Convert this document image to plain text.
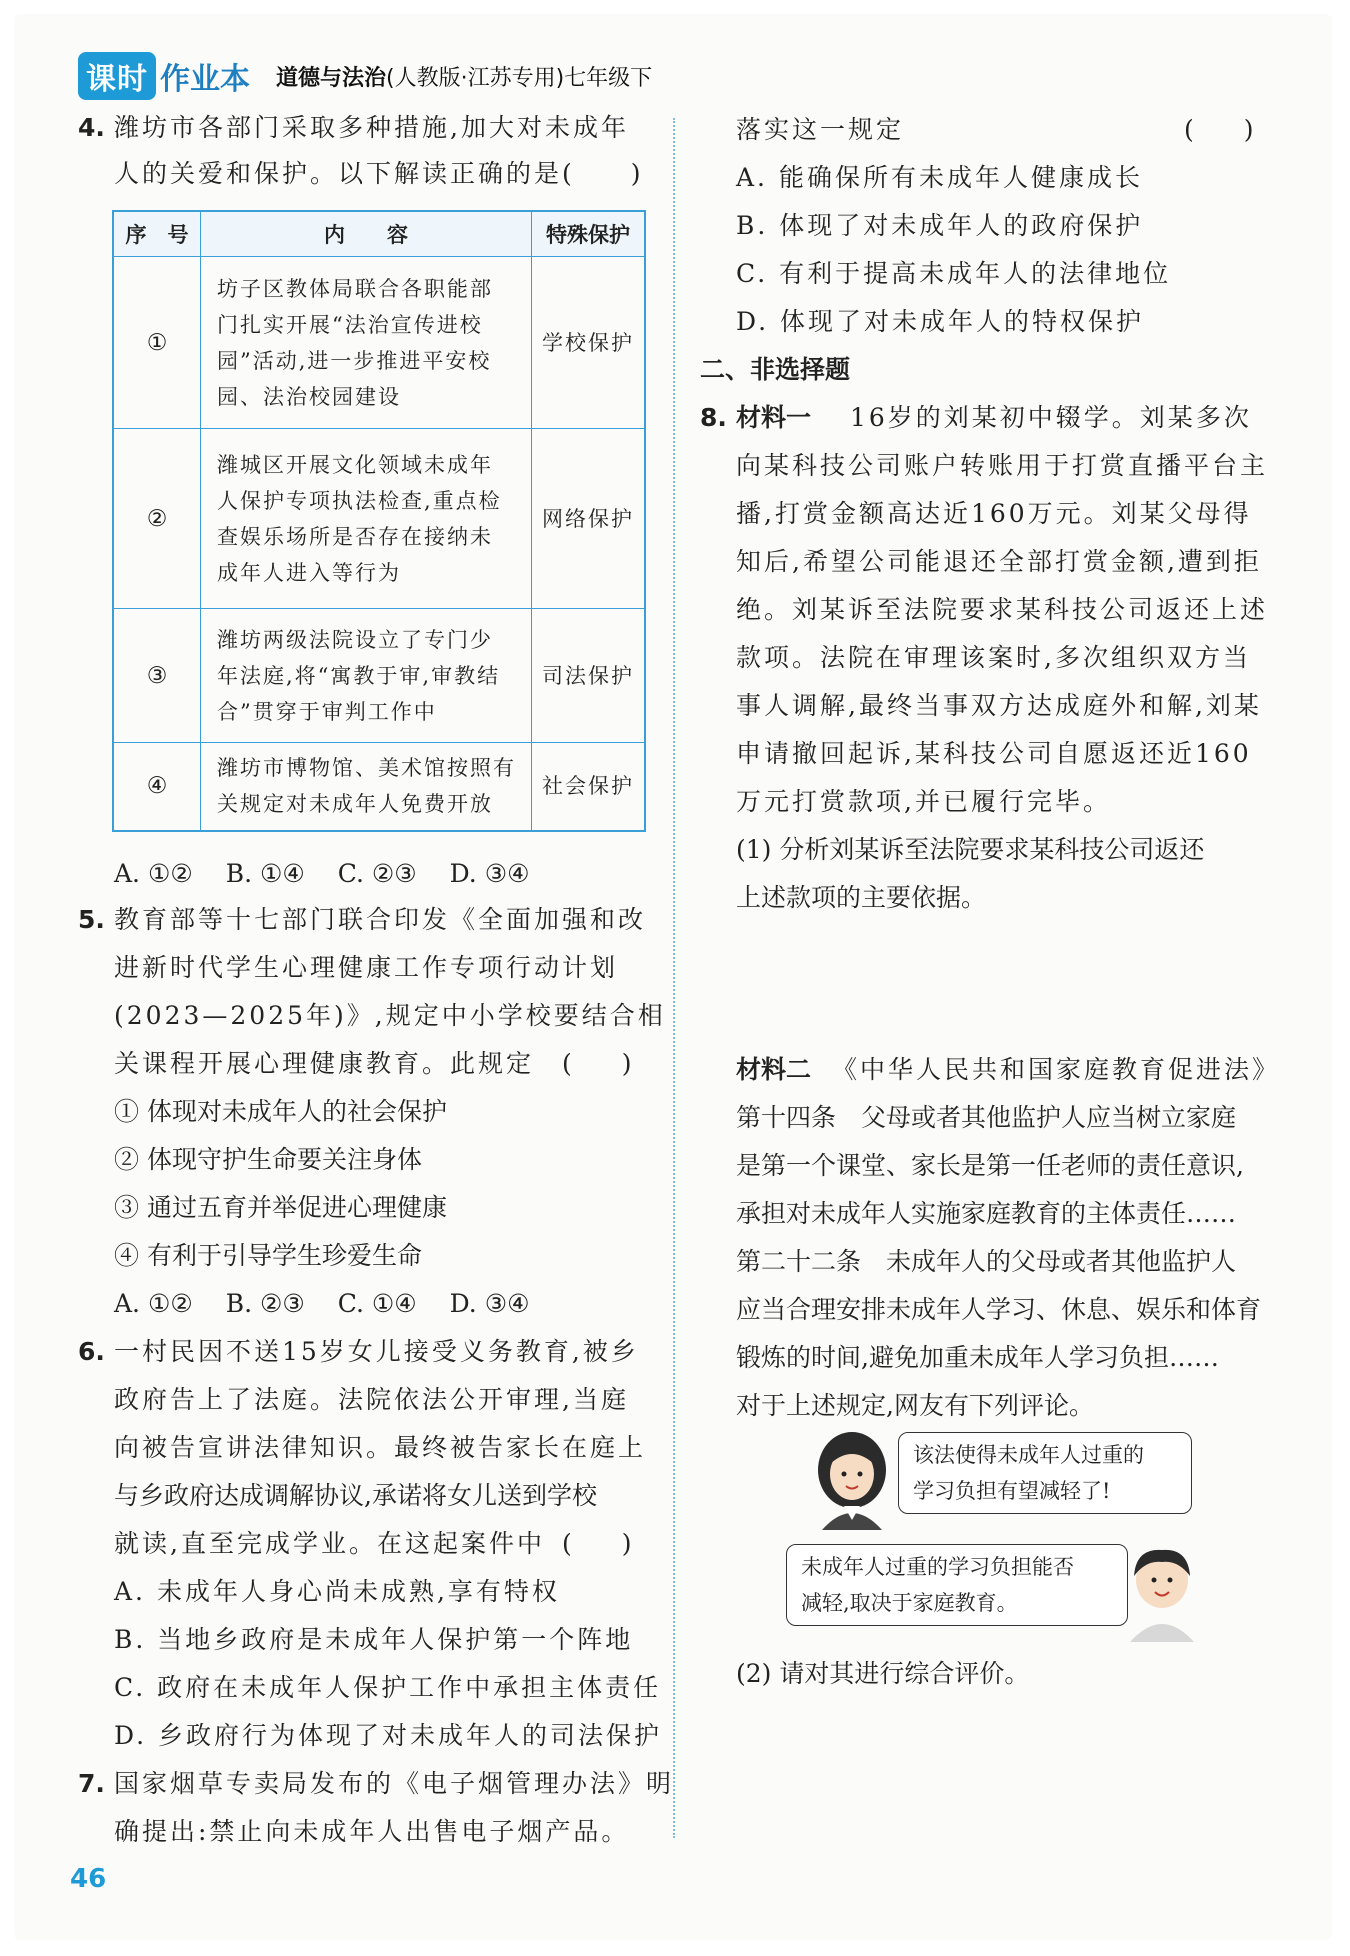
课时 作业本 道德与法治 (人教版·江苏专用)七年级下
4. 潍坊市各部门采取多种措施,加大对未成年
人的关爱和保护。以下解读正确的是(　　)
序　号	内　　容	特殊保护
①	坊子区教体局联合各职能部
门扎实开展“法治宣传进校
园”活动,进一步推进平安校
园、法治校园建设	学校保护
②	潍城区开展文化领域未成年
人保护专项执法检查,重点检
查娱乐场所是否存在接纳未
成年人进入等行为	网络保护
③	潍坊两级法院设立了专门少
年法庭,将“寓教于审,审教结
合”贯穿于审判工作中	司法保护
④	潍坊市博物馆、美术馆按照有
关规定对未成年人免费开放	社会保护
A. ①②　 B. ①④　 C. ②③　 D. ③④
5. 教育部等十七部门联合印发《全面加强和改
进新时代学生心理健康工作专项行动计划
(2023—2025年)》,规定中小学校要结合相
关课程开展心理健康教育。此规定 (　　)
① 体现对未成年人的社会保护
② 体现守护生命要关注身体
③ 通过五育并举促进心理健康
④ 有利于引导学生珍爱生命
A. ①②　 B. ②③　 C. ①④　 D. ③④
6. 一村民因不送15岁女儿接受义务教育,被乡
政府告上了法庭。法院依法公开审理,当庭
向被告宣讲法律知识。最终被告家长在庭上
与乡政府达成调解协议,承诺将女儿送到学校
就读,直至完成学业。在这起案件中 (　　)
A. 未成年人身心尚未成熟,享有特权
B. 当地乡政府是未成年人保护第一个阵地
C. 政府在未成年人保护工作中承担主体责任
D. 乡政府行为体现了对未成年人的司法保护
7. 国家烟草专卖局发布的《电子烟管理办法》明
确提出:禁止向未成年人出售电子烟产品。
落实这一规定	(　　)
A. 能确保所有未成年人健康成长
B. 体现了对未成年人的政府保护
C. 有利于提高未成年人的法律地位
D. 体现了对未成年人的特权保护
二、非选择题
8. 材料一 16岁的刘某初中辍学。刘某多次
向某科技公司账户转账用于打赏直播平台主
播,打赏金额高达近160万元。刘某父母得
知后,希望公司能退还全部打赏金额,遭到拒
绝。刘某诉至法院要求某科技公司返还上述
款项。法院在审理该案时,多次组织双方当
事人调解,最终当事双方达成庭外和解,刘某
申请撤回起诉,某科技公司自愿返还近160
万元打赏款项,并已履行完毕。
(1) 分析刘某诉至法院要求某科技公司返还
上述款项的主要依据。
材料二 《中华人民共和国家庭教育促进法》
第十四条　父母或者其他监护人应当树立家庭
是第一个课堂、家长是第一任老师的责任意识,
承担对未成年人实施家庭教育的主体责任……
第二十二条　未成年人的父母或者其他监护人
应当合理安排未成年人学习、休息、娱乐和体育
锻炼的时间,避免加重未成年人学习负担……
对于上述规定,网友有下列评论。
该法使得未成年人过重的
学习负担有望减轻了!
未成年人过重的学习负担能否
减轻,取决于家庭教育。
(2) 请对其进行综合评价。
46
